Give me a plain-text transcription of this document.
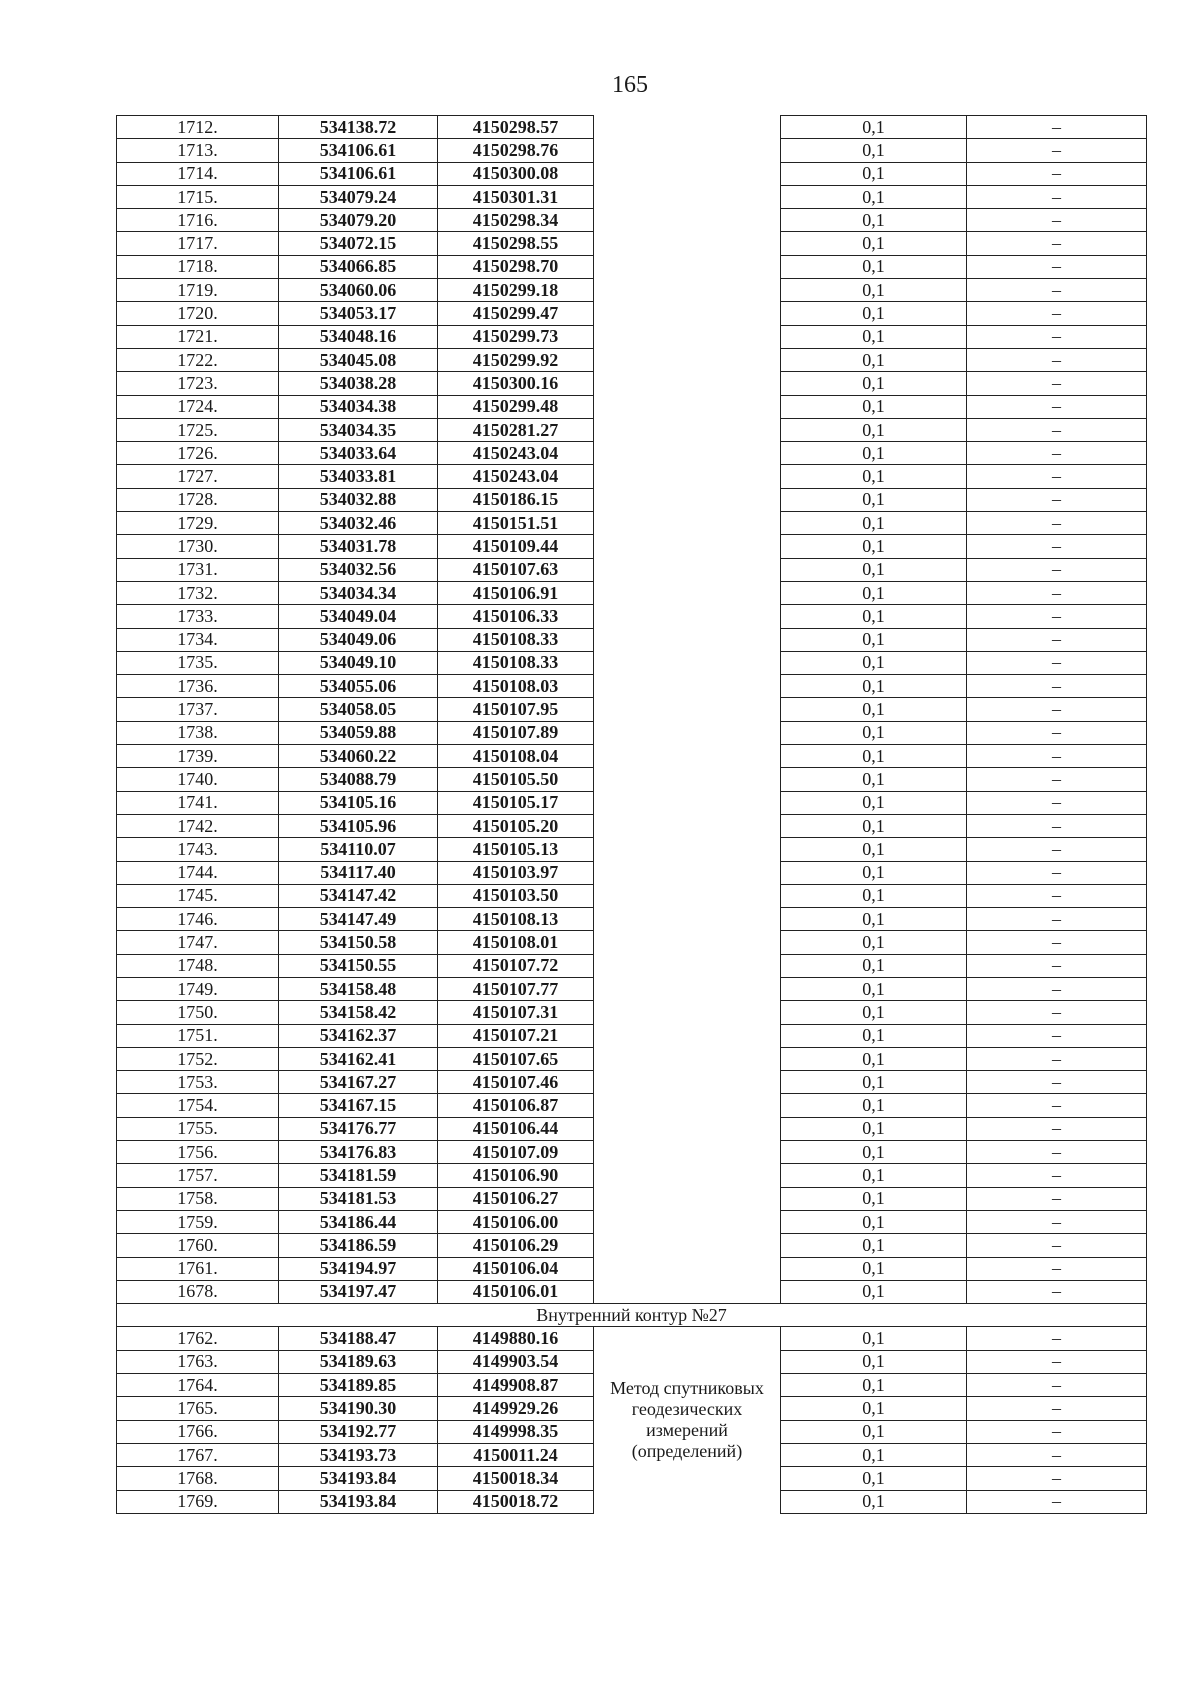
165
1712.	534138.72	4150298.57		0,1	–
1713.	534106.61	4150298.76		0,1	–
1714.	534106.61	4150300.08		0,1	–
1715.	534079.24	4150301.31		0,1	–
1716.	534079.20	4150298.34		0,1	–
1717.	534072.15	4150298.55		0,1	–
1718.	534066.85	4150298.70		0,1	–
1719.	534060.06	4150299.18		0,1	–
1720.	534053.17	4150299.47		0,1	–
1721.	534048.16	4150299.73		0,1	–
1722.	534045.08	4150299.92		0,1	–
1723.	534038.28	4150300.16		0,1	–
1724.	534034.38	4150299.48		0,1	–
1725.	534034.35	4150281.27		0,1	–
1726.	534033.64	4150243.04		0,1	–
1727.	534033.81	4150243.04		0,1	–
1728.	534032.88	4150186.15		0,1	–
1729.	534032.46	4150151.51		0,1	–
1730.	534031.78	4150109.44		0,1	–
1731.	534032.56	4150107.63		0,1	–
1732.	534034.34	4150106.91		0,1	–
1733.	534049.04	4150106.33		0,1	–
1734.	534049.06	4150108.33		0,1	–
1735.	534049.10	4150108.33		0,1	–
1736.	534055.06	4150108.03		0,1	–
1737.	534058.05	4150107.95		0,1	–
1738.	534059.88	4150107.89		0,1	–
1739.	534060.22	4150108.04		0,1	–
1740.	534088.79	4150105.50		0,1	–
1741.	534105.16	4150105.17		0,1	–
1742.	534105.96	4150105.20		0,1	–
1743.	534110.07	4150105.13		0,1	–
1744.	534117.40	4150103.97		0,1	–
1745.	534147.42	4150103.50		0,1	–
1746.	534147.49	4150108.13		0,1	–
1747.	534150.58	4150108.01		0,1	–
1748.	534150.55	4150107.72		0,1	–
1749.	534158.48	4150107.77		0,1	–
1750.	534158.42	4150107.31		0,1	–
1751.	534162.37	4150107.21		0,1	–
1752.	534162.41	4150107.65		0,1	–
1753.	534167.27	4150107.46		0,1	–
1754.	534167.15	4150106.87		0,1	–
1755.	534176.77	4150106.44		0,1	–
1756.	534176.83	4150107.09		0,1	–
1757.	534181.59	4150106.90		0,1	–
1758.	534181.53	4150106.27		0,1	–
1759.	534186.44	4150106.00		0,1	–
1760.	534186.59	4150106.29		0,1	–
1761.	534194.97	4150106.04		0,1	–
1678.	534197.47	4150106.01		0,1	–
Внутренний контур №27					
1762.	534188.47	4149880.16	Метод спутниковых геодезических измерений (определений)	0,1	–
1763.	534189.63	4149903.54		0,1	–
1764.	534189.85	4149908.87		0,1	–
1765.	534190.30	4149929.26		0,1	–
1766.	534192.77	4149998.35		0,1	–
1767.	534193.73	4150011.24		0,1	–
1768.	534193.84	4150018.34		0,1	–
1769.	534193.84	4150018.72		0,1	–
